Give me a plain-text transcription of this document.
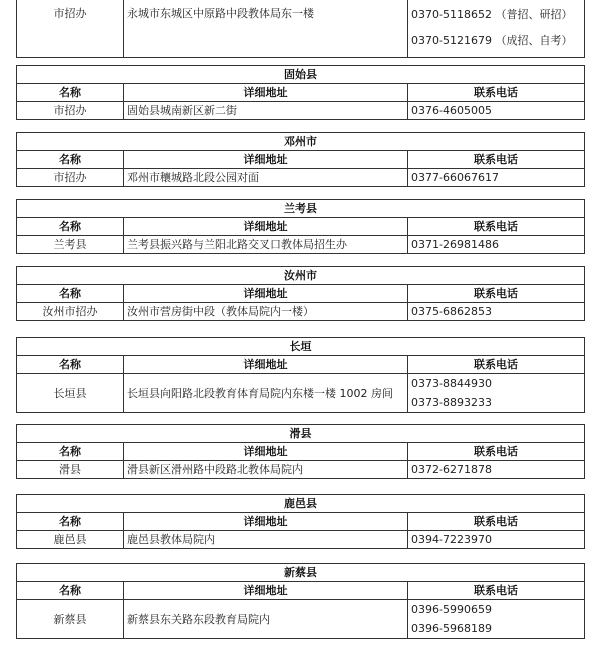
市招办	永城市东城区中原路中段教体局东一楼	0370-5118652 （普招、研招）
0370-5121679 （成招、自考）
固始县		
名称	详细地址	联系电话
市招办	固始县城南新区新二街	0376-4605005
邓州市		
名称	详细地址	联系电话
市招办	邓州市穰城路北段公园对面	0377-66067617
兰考县		
名称	详细地址	联系电话
兰考县	兰考县振兴路与兰阳北路交叉口教体局招生办	0371-26981486
汝州市		
名称	详细地址	联系电话
汝州市招办	汝州市营房街中段（教体局院内一楼）	0375-6862853
长垣		
名称	详细地址	联系电话
长垣县	长垣县向阳路北段教育体育局院内东楼一楼 1002 房间	0373-8844930
0373-8893233
滑县		
名称	详细地址	联系电话
滑县	滑县新区滑州路中段路北教体局院内	0372-6271878
鹿邑县		
名称	详细地址	联系电话
鹿邑县	鹿邑县教体局院内	0394-7223970
新蔡县		
名称	详细地址	联系电话
新蔡县	新蔡县东关路东段教育局院内	0396-5990659
0396-5968189
